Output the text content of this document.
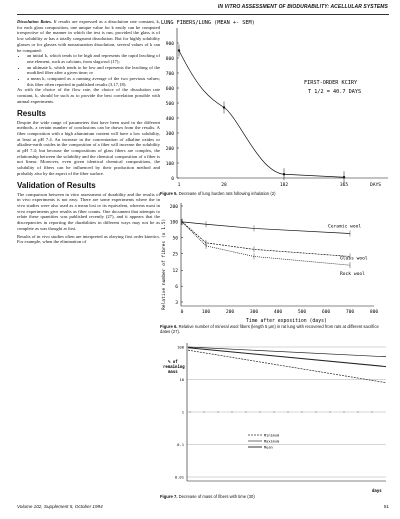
IN VITRO ASSESSMENT OF BIODURABILITY: ACELLULAR SYSTEMS

Dissolution Rates. If results are expressed as a dissolution rate constant, k, for each glass composition, one unique value for k easily can be computed irrespective of the manner in which the test is run, provided the glass is of low solubility or has a totally congruent dissolution. But for highly solubility glasses or for glasses with nonsaturation dissolution, several values of k can be computed:

• an initial k, which tends to be high and represents the rapid leaching of one element, such as calcium, from slagwool (17);
• an ultimate k, which tends to be low and represents the leaching of the modified fiber after a given time; or
• a mean k, computed as a running average of the two previous values; this fiber often reported in published results (3,17,18).

As with the choice of the flow rate, the choice of the dissolution rate constant, k, should be such as to provide the best correlation possible with animal experiments.

Results

Despite the wide range of parameters that have been used in the different methods, a certain number of conclusions can be drawn from the results. A fiber composition with a high aluminium content will have a low solubility, at least at pH 7.4. An increase in the concentration of alkaline oxides or alkaline-earth oxides in the composition of a fiber will increase the solubility at pH 7.4; but because the compositions of glass fibers are complex, the relationship between the solubility and the chemical composition of a fiber is not linear. Moreover, even given identical chemical compositions, the solubility of fibers can be influenced by their production method and probably also by the aspect of the fiber surface.

Validation of Results

The comparison between in vitro assessment of durability and the results of in vivo experiments is not easy. There are some experiments where the in vivo studies were also used as a mean lost or its equivalent, whereas most in vivo experiments give results as fiber counts. One document that attempts to relate these quantities was published recently (27), and it appears that the discrepancies in reporting the durabilities in different ways may not be as complete as was thought at first.

Results of in vivo studies often are interpreted as obeying first order kinetics. For example, when the elimination of

LUNG FIBERS/LUNG (MEAN +- SEM)
900
800
700
600
500
400
300
200
100
0
1	28	182	365
FIRST-ORDER KCIRY
T 1/2 = 40.7 DAYS
DAYS
Figure 5. Decrease of lung burden rats following inhalation (2)
Relative number of fibres (x 1.5)
200
100
50
25
12
6
3
0	100	200	300	400	500	600	700	800
Ceramic wool
Glass wool
Rock wool
Time after exposition (days)
Figure 6. Relative number of mineral wool fibers (length 5 µm) in rat lung with recovered from rats at different sacrifice dates (27).
% of
remaining
mass
100
10
1
0.1
0.01
Minimum
Maximum
Mean
days
Figure 7. Decrease of mass of fibers with time (30)
Volume 102, Supplement 5, October 1994	51
